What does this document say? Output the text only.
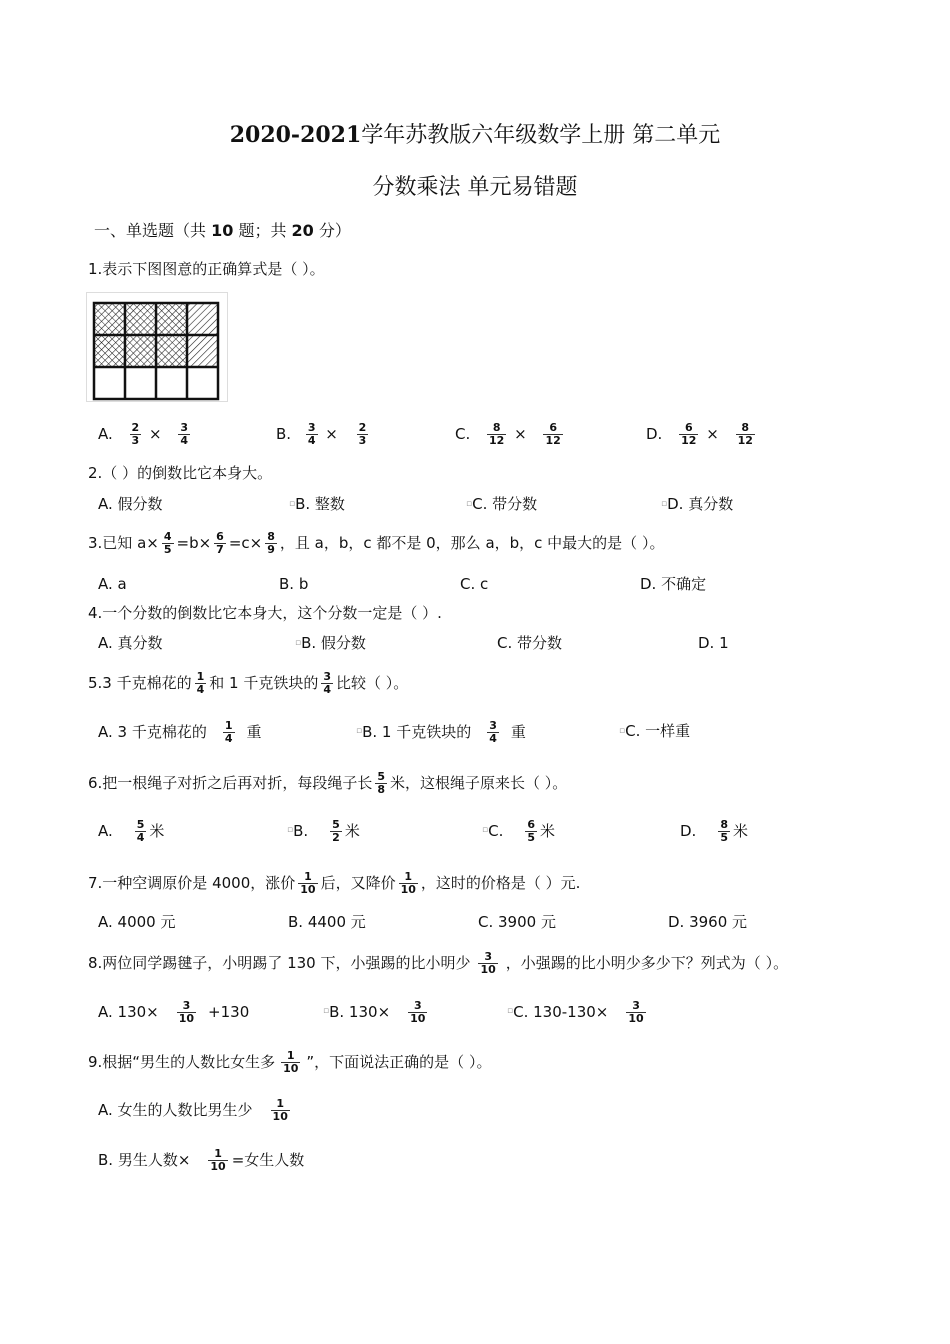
2020-2021学年苏教版六年级数学上册 第二单元
分数乘法 单元易错题
一、单选题（共 10 题；共 20 分）
1.表示下图图意的正确算式是（ ）。
A. $\frac{2}{3} \times \frac{3}{4}$	B. $\frac{3}{4} \times \frac{2}{3}$	C. $\frac{8}{12} \times \frac{6}{12}$	D. $\frac{6}{12} \times \frac{8}{12}$
2.（ ）的倒数比它本身大。
A. 假分数	▫B. 整数	▫C. 带分数	▫D. 真分数
3.已知 $a\times \frac{4}{5} =b\times \frac{6}{7} =c\times \frac{8}{9}$ ，且 a，b，c 都不是 0，那么 a，b，c 中最大的是（ ）。
A. a	B. b	C. c	D. 不确定
4.一个分数的倒数比它本身大，这个分数一定是（ ）.
A. 真分数	▫B. 假分数	C. 带分数	D. 1
5.3 千克棉花的 $\frac{1}{4}$ 和 1 千克铁块的 $\frac{3}{4}$ 比较（ ）。
A. 3 千克棉花的 $\frac{1}{4}$ 重	▫B. 1 千克铁块的 $\frac{3}{4}$ 重	▫C. 一样重
6.把一根绳子对折之后再对折，每段绳子长 $\frac{5}{8}$ 米，这根绳子原来长（ ）。
A. $\frac{5}{4}$ 米	▫B. $\frac{5}{2}$ 米	▫C. $\frac{6}{5}$ 米	D. $\frac{8}{5}$ 米
7.一种空调原价是 4000，涨价 $\frac{1}{10}$ 后，又降价 $\frac{1}{10}$ ，这时的价格是（ ）元.
A. 4000 元	B. 4400 元	C. 3900 元	D. 3960 元
8.两位同学踢毽子，小明踢了 130 下，小强踢的比小明少 $\frac{3}{10}$ ，小强踢的比小明少多少下？列式为（ ）。
A. $130\times \frac{3}{10} +130$	▫B. $130\times \frac{3}{10}$	▫C. $130-130\times \frac{3}{10}$
9.根据“男生的人数比女生多 $\frac{1}{10}$ ”，下面说法正确的是（ ）。
A. 女生的人数比男生少 $\frac{1}{10}$
B. 男生人数× $\frac{1}{10}$ =女生人数
